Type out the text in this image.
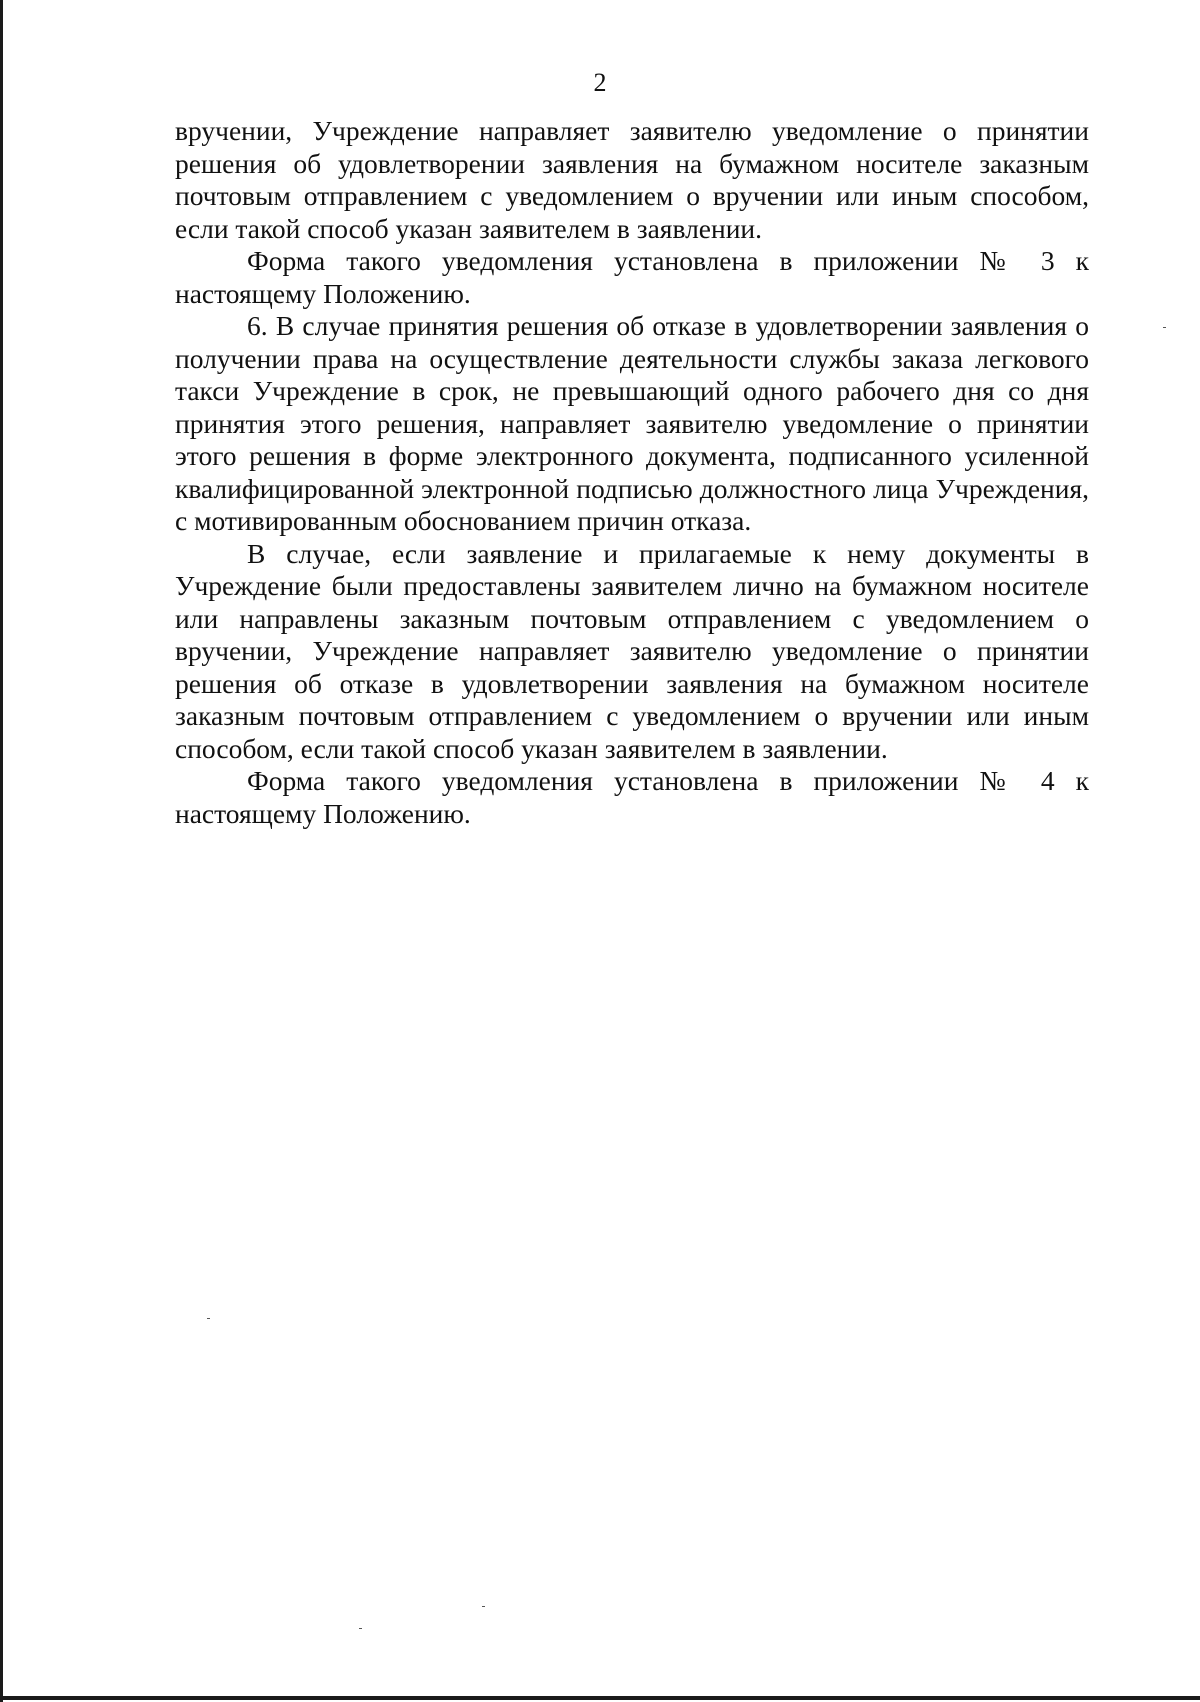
2

вручении, Учреждение направляет заявителю уведомление о принятии решения об удовлетворении заявления на бумажном носителе заказным почтовым отправлением с уведомлением о вручении или иным способом, если такой способ указан заявителем в заявлении.

Форма такого уведомления установлена в приложении № 3 к настоящему Положению.

6. В случае принятия решения об отказе в удовлетворении заявления о получении права на осуществление деятельности службы заказа легкового такси Учреждение в срок, не превышающий одного рабочего дня со дня принятия этого решения, направляет заявителю уведомление о принятии этого решения в форме электронного документа, подписанного усиленной квалифицированной электронной подписью должностного лица Учреждения, с мотивированным обоснованием причин отказа.

В случае, если заявление и прилагаемые к нему документы в Учреждение были предоставлены заявителем лично на бумажном носителе или направлены заказным почтовым отправлением с уведомлением о вручении, Учреждение направляет заявителю уведомление о принятии решения об отказе в удовлетворении заявления на бумажном носителе заказным почтовым отправлением с уведомлением о вручении или иным способом, если такой способ указан заявителем в заявлении.

Форма такого уведомления установлена в приложении № 4 к настоящему Положению.
